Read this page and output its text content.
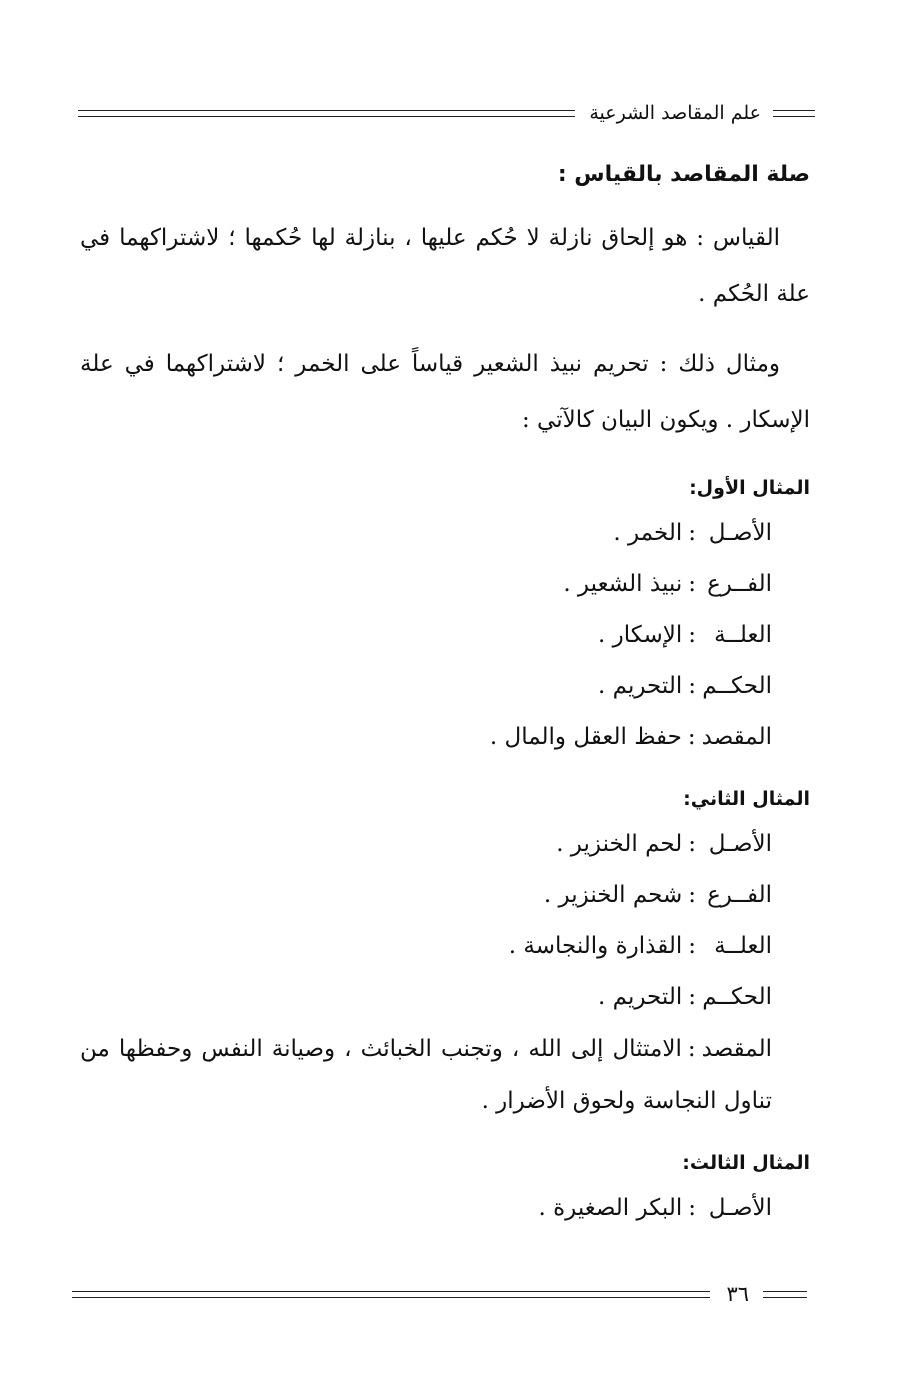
علم المقاصد الشرعية
صلة المقاصد بالقياس :

القياس : هو إلحاق نازلة لا حُكم عليها ، بنازلة لها حُكمها ؛ لاشتراكهما في علة الحُكم .

ومثال ذلك : تحريم نبيذ الشعير قياساً على الخمر ؛ لاشتراكهما في علة الإسكار . ويكون البيان كالآتي :

المثال الأول:
الأصـل:الخمر .
الفــرع:نبيذ الشعير .
العلــة:الإسكار .
الحكــم:التحريم .
المقصد:حفظ العقل والمال .
المثال الثاني:
الأصـل:لحم الخنزير .
الفــرع:شحم الخنزير .
العلــة:القذارة والنجاسة .
الحكــم:التحريم .
المقصد:الامتثال إلى الله ، وتجنب الخبائث ، وصيانة النفس وحفظها من تناول النجاسة ولحوق الأضرار .
المثال الثالث:
الأصـل:البكر الصغيرة .
٣٦
